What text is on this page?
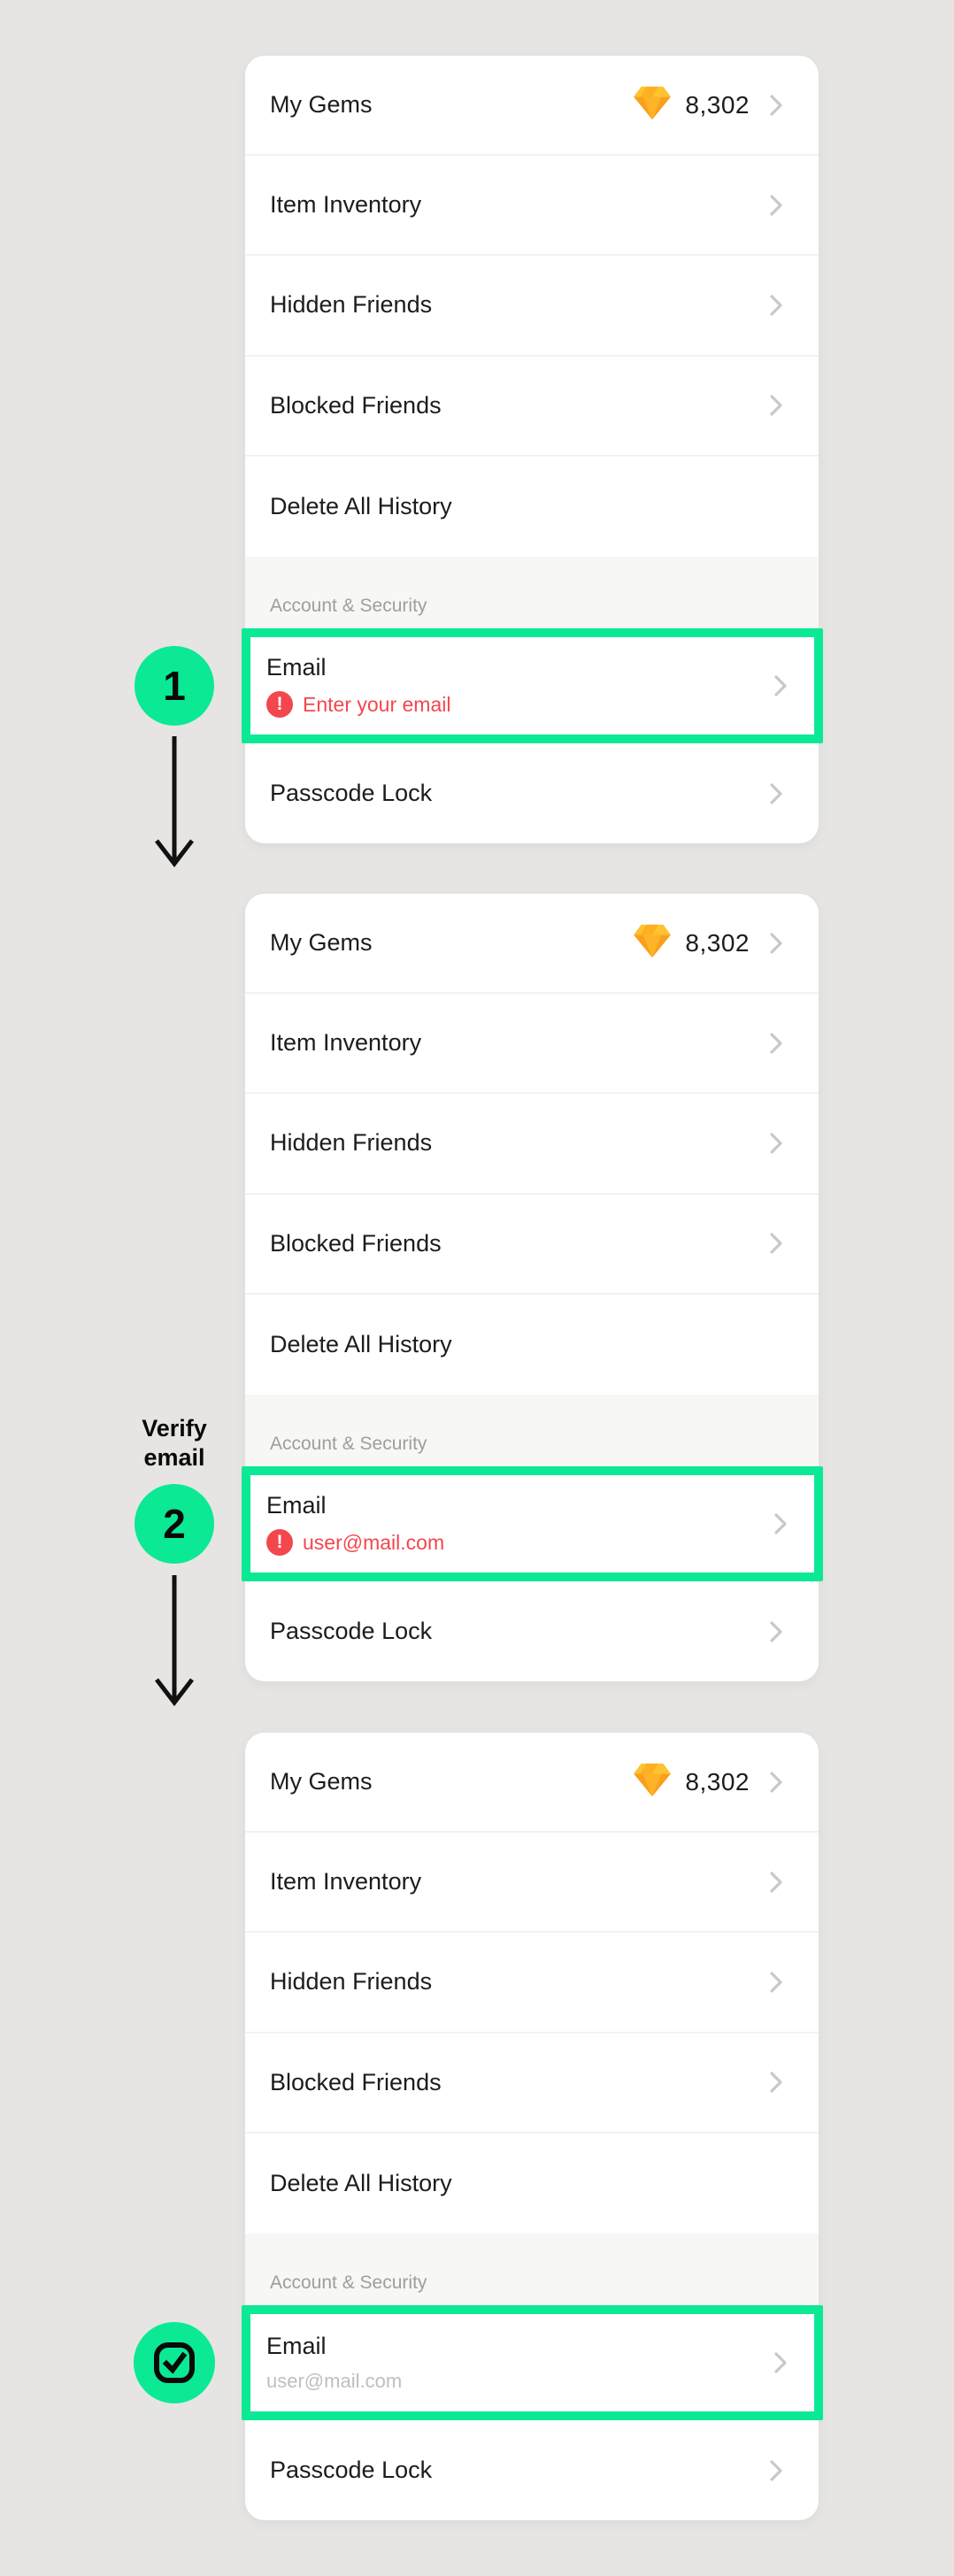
My Gems	8,302
Item Inventory
Hidden Friends
Blocked Friends
Delete All History
Account & Security
Email
! Enter your email
Passcode Lock
My Gems	8,302
Item Inventory
Hidden Friends
Blocked Friends
Delete All History
Account & Security
Email
! user@mail.com
Passcode Lock
My Gems	8,302
Item Inventory
Hidden Friends
Blocked Friends
Delete All History
Account & Security
Email
user@mail.com
Passcode Lock
1
Verify
email
2
